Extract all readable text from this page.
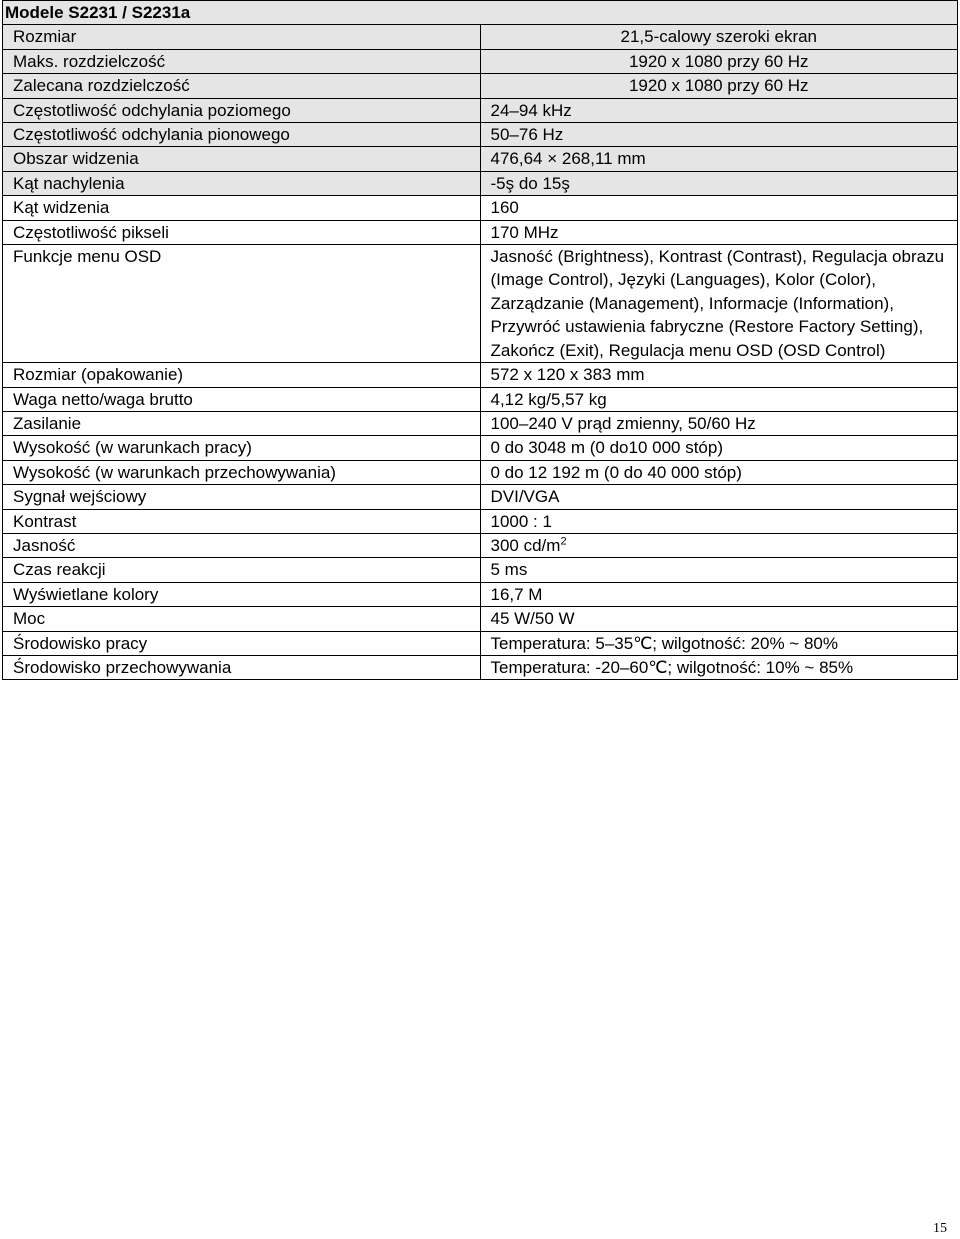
Modele S2231 / S2231a	
Rozmiar	21,5-calowy szeroki ekran
Maks. rozdzielczość	1920 x 1080 przy 60 Hz
Zalecana rozdzielczość	1920 x 1080 przy 60 Hz
Częstotliwość odchylania poziomego	24–94 kHz
Częstotliwość odchylania pionowego	50–76 Hz
Obszar widzenia	476,64 × 268,11 mm
Kąt nachylenia	-5ş do 15ş
Kąt widzenia	160
Częstotliwość pikseli	170 MHz
Funkcje menu OSD	Jasność (Brightness), Kontrast (Contrast), Regulacja obrazu (Image Control), Języki (Languages), Kolor (Color), Zarządzanie (Management), Informacje (Information), Przywróć ustawienia fabryczne (Restore Factory Setting), Zakończ (Exit), Regulacja menu OSD (OSD Control)
Rozmiar (opakowanie)	572 x 120 x 383 mm
Waga netto/waga brutto	4,12 kg/5,57 kg
Zasilanie	100–240 V prąd zmienny, 50/60 Hz
Wysokość (w warunkach pracy)	0 do 3048 m (0 do10 000 stóp)
Wysokość (w warunkach przechowywania)	0 do 12 192 m (0 do 40 000 stóp)
Sygnał wejściowy	DVI/VGA
Kontrast	1000 : 1
Jasność	300 $cd/m^2$
Czas reakcji	5 ms
Wyświetlane kolory	16,7 M
Moc	45 W/50 W
Środowisko pracy	Temperatura: 5–35℃; wilgotność: 20% ~ 80%
Środowisko przechowywania	Temperatura: -20–60℃; wilgotność: 10% ~ 85%
15
